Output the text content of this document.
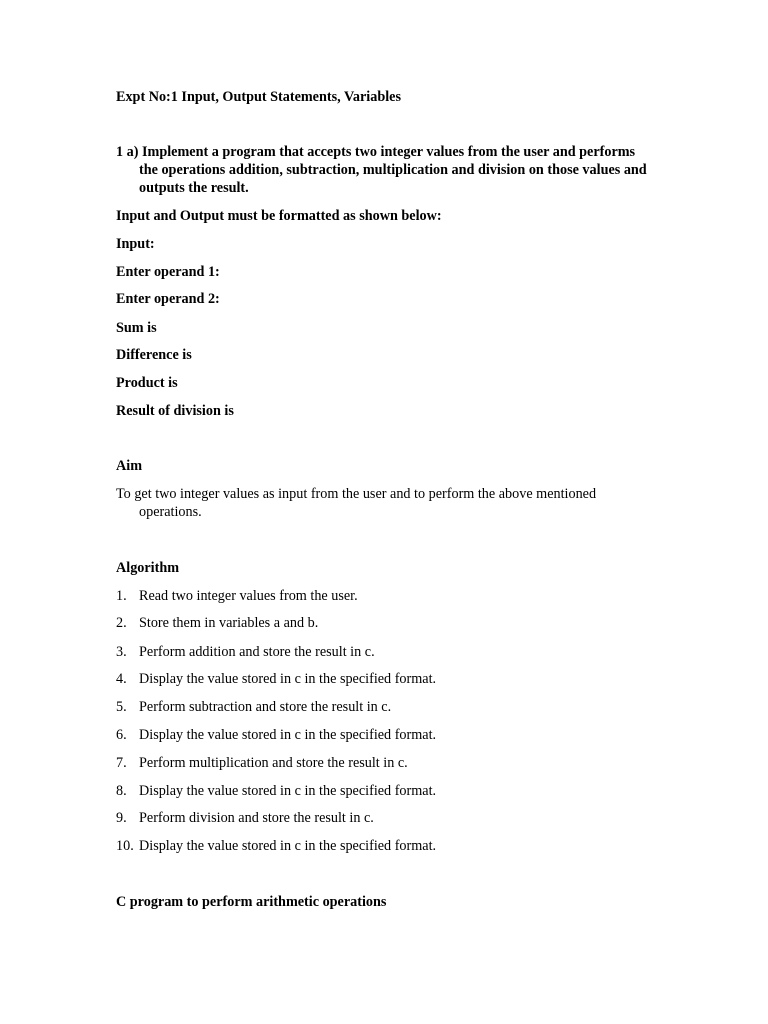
Expt No:1 Input, Output Statements, Variables
1 a) Implement a program that accepts two integer values from the user and performs the operations addition, subtraction, multiplication and division on those values and outputs the result.
Input and Output must be formatted as shown below:
Input:
Enter operand 1:
Enter operand 2:
Sum is
Difference is
Product is
Result of division is
Aim
To get two integer values as input from the user and to perform the above mentioned operations.
Algorithm
1. Read two integer values from the user.
2. Store them in variables a and b.
3. Perform addition and store the result in c.
4. Display the value stored in c in the specified format.
5. Perform subtraction and store the result in c.
6. Display the value stored in c in the specified format.
7. Perform multiplication and store the result in c.
8. Display the value stored in c in the specified format.
9. Perform division and store the result in c.
10. Display the value stored in c in the specified format.
C program to perform arithmetic operations
